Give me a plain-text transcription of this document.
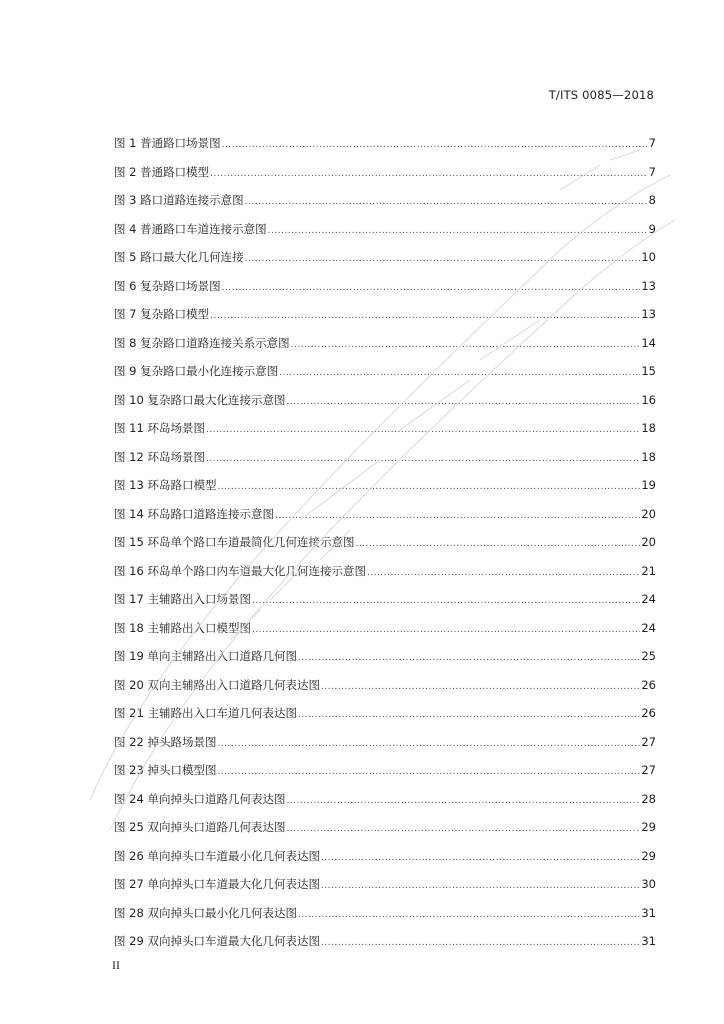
T/ITS 0085—2018
图 1 普通路口场景图 .....	7
图 2 普通路口模型 .....	7
图 3 路口道路连接示意图 .....	8
图 4 普通路口车道连接示意图 .....	9
图 5 路口最大化几何连接 .....	10
图 6 复杂路口场景图 .....	13
图 7 复杂路口模型 .....	13
图 8 复杂路口道路连接关系示意图 .....	14
图 9 复杂路口最小化连接示意图 .....	15
图 10 复杂路口最大化连接示意图 .....	16
图 11 环岛场景图 .....	18
图 12 环岛场景图 .....	18
图 13 环岛路口模型 .....	19
图 14 环岛路口道路连接示意图 .....	20
图 15 环岛单个路口车道最简化几何连接示意图 .....	20
图 16 环岛单个路口内车道最大化几何连接示意图 .....	21
图 17 主辅路出入口场景图 .....	24
图 18 主辅路出入口模型图 .....	24
图 19 单向主辅路出入口道路几何图 .....	25
图 20 双向主辅路出入口道路几何表达图 .....	26
图 21 主辅路出入口车道几何表达图 .....	26
图 22 掉头路场景图 .....	27
图 23 掉头口模型图 .....	27
图 24 单向掉头口道路几何表达图 .....	28
图 25 双向掉头口道路几何表达图 .....	29
图 26 单向掉头口车道最小化几何表达图 .....	29
图 27 单向掉头口车道最大化几何表达图 .....	30
图 28 双向掉头口最小化几何表达图 .....	31
图 29 双向掉头口车道最大化几何表达图 .....	31
II
